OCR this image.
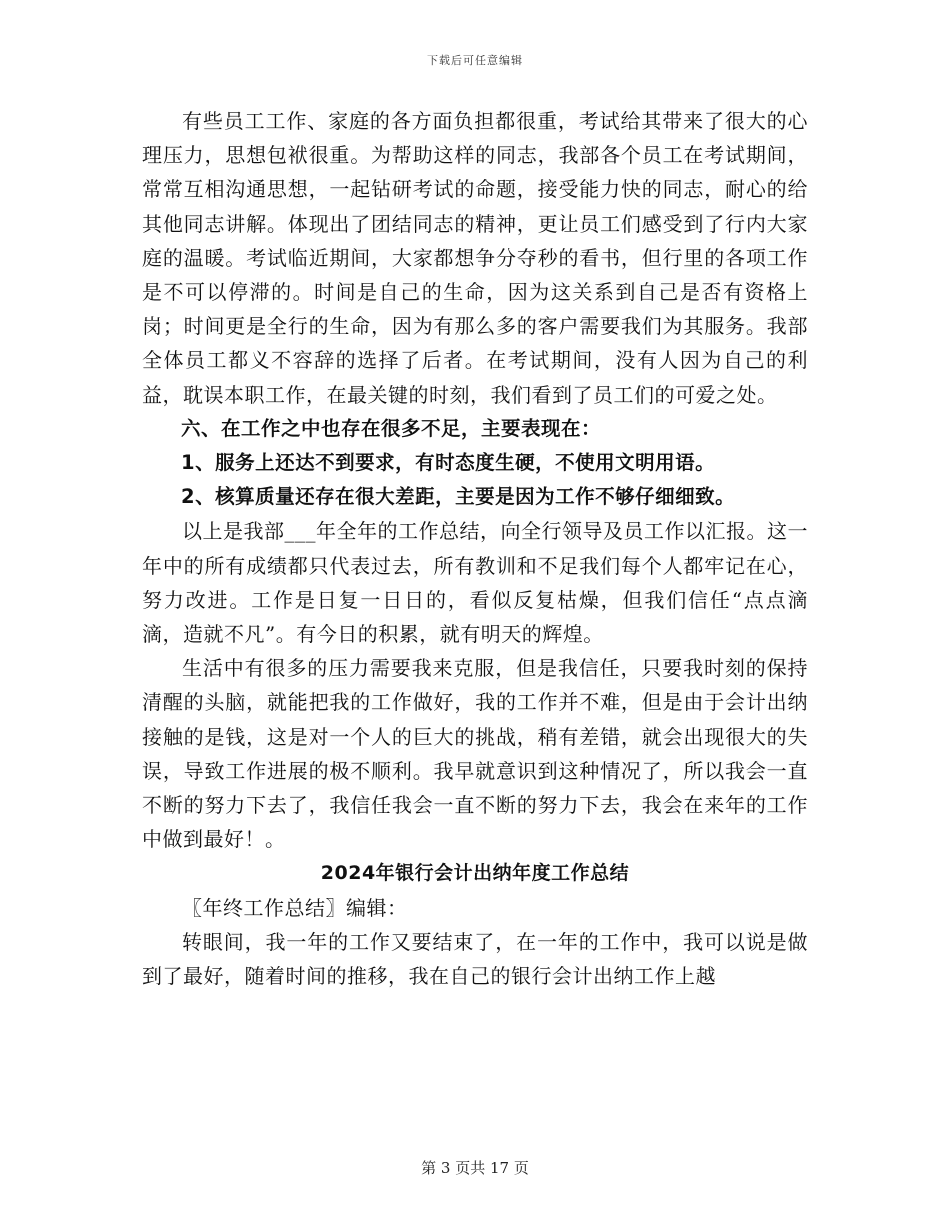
下载后可任意编辑

有些员工工作、家庭的各方面负担都很重，考试给其带来了很大的心理压力，思想包袱很重。为帮助这样的同志，我部各个员工在考试期间，常常互相沟通思想，一起钻研考试的命题，接受能力快的同志，耐心的给其他同志讲解。体现出了团结同志的精神，更让员工们感受到了行内大家庭的温暖。考试临近期间，大家都想争分夺秒的看书，但行里的各项工作是不可以停滞的。时间是自己的生命，因为这关系到自己是否有资格上岗；时间更是全行的生命，因为有那么多的客户需要我们为其服务。我部全体员工都义不容辞的选择了后者。在考试期间，没有人因为自己的利益，耽误本职工作，在最关键的时刻，我们看到了员工们的可爱之处。

六、在工作之中也存在很多不足，主要表现在：

1、服务上还达不到要求，有时态度生硬，不使用文明用语。

2、核算质量还存在很大差距，主要是因为工作不够仔细细致。

以上是我部___年全年的工作总结，向全行领导及员工作以汇报。这一年中的所有成绩都只代表过去，所有教训和不足我们每个人都牢记在心，努力改进。工作是日复一日日的，看似反复枯燥，但我们信任“点点滴滴，造就不凡”。有今日的积累，就有明天的辉煌。

生活中有很多的压力需要我来克服，但是我信任，只要我时刻的保持清醒的头脑，就能把我的工作做好，我的工作并不难，但是由于会计出纳接触的是钱，这是对一个人的巨大的挑战，稍有差错，就会出现很大的失误，导致工作进展的极不顺利。我早就意识到这种情况了，所以我会一直不断的努力下去了，我信任我会一直不断的努力下去，我会在来年的工作中做到最好！。

2024年银行会计出纳年度工作总结

〖年终工作总结〗编辑：

转眼间，我一年的工作又要结束了，在一年的工作中，我可以说是做到了最好，随着时间的推移，我在自己的银行会计出纳工作上越

第 3 页共 17 页
